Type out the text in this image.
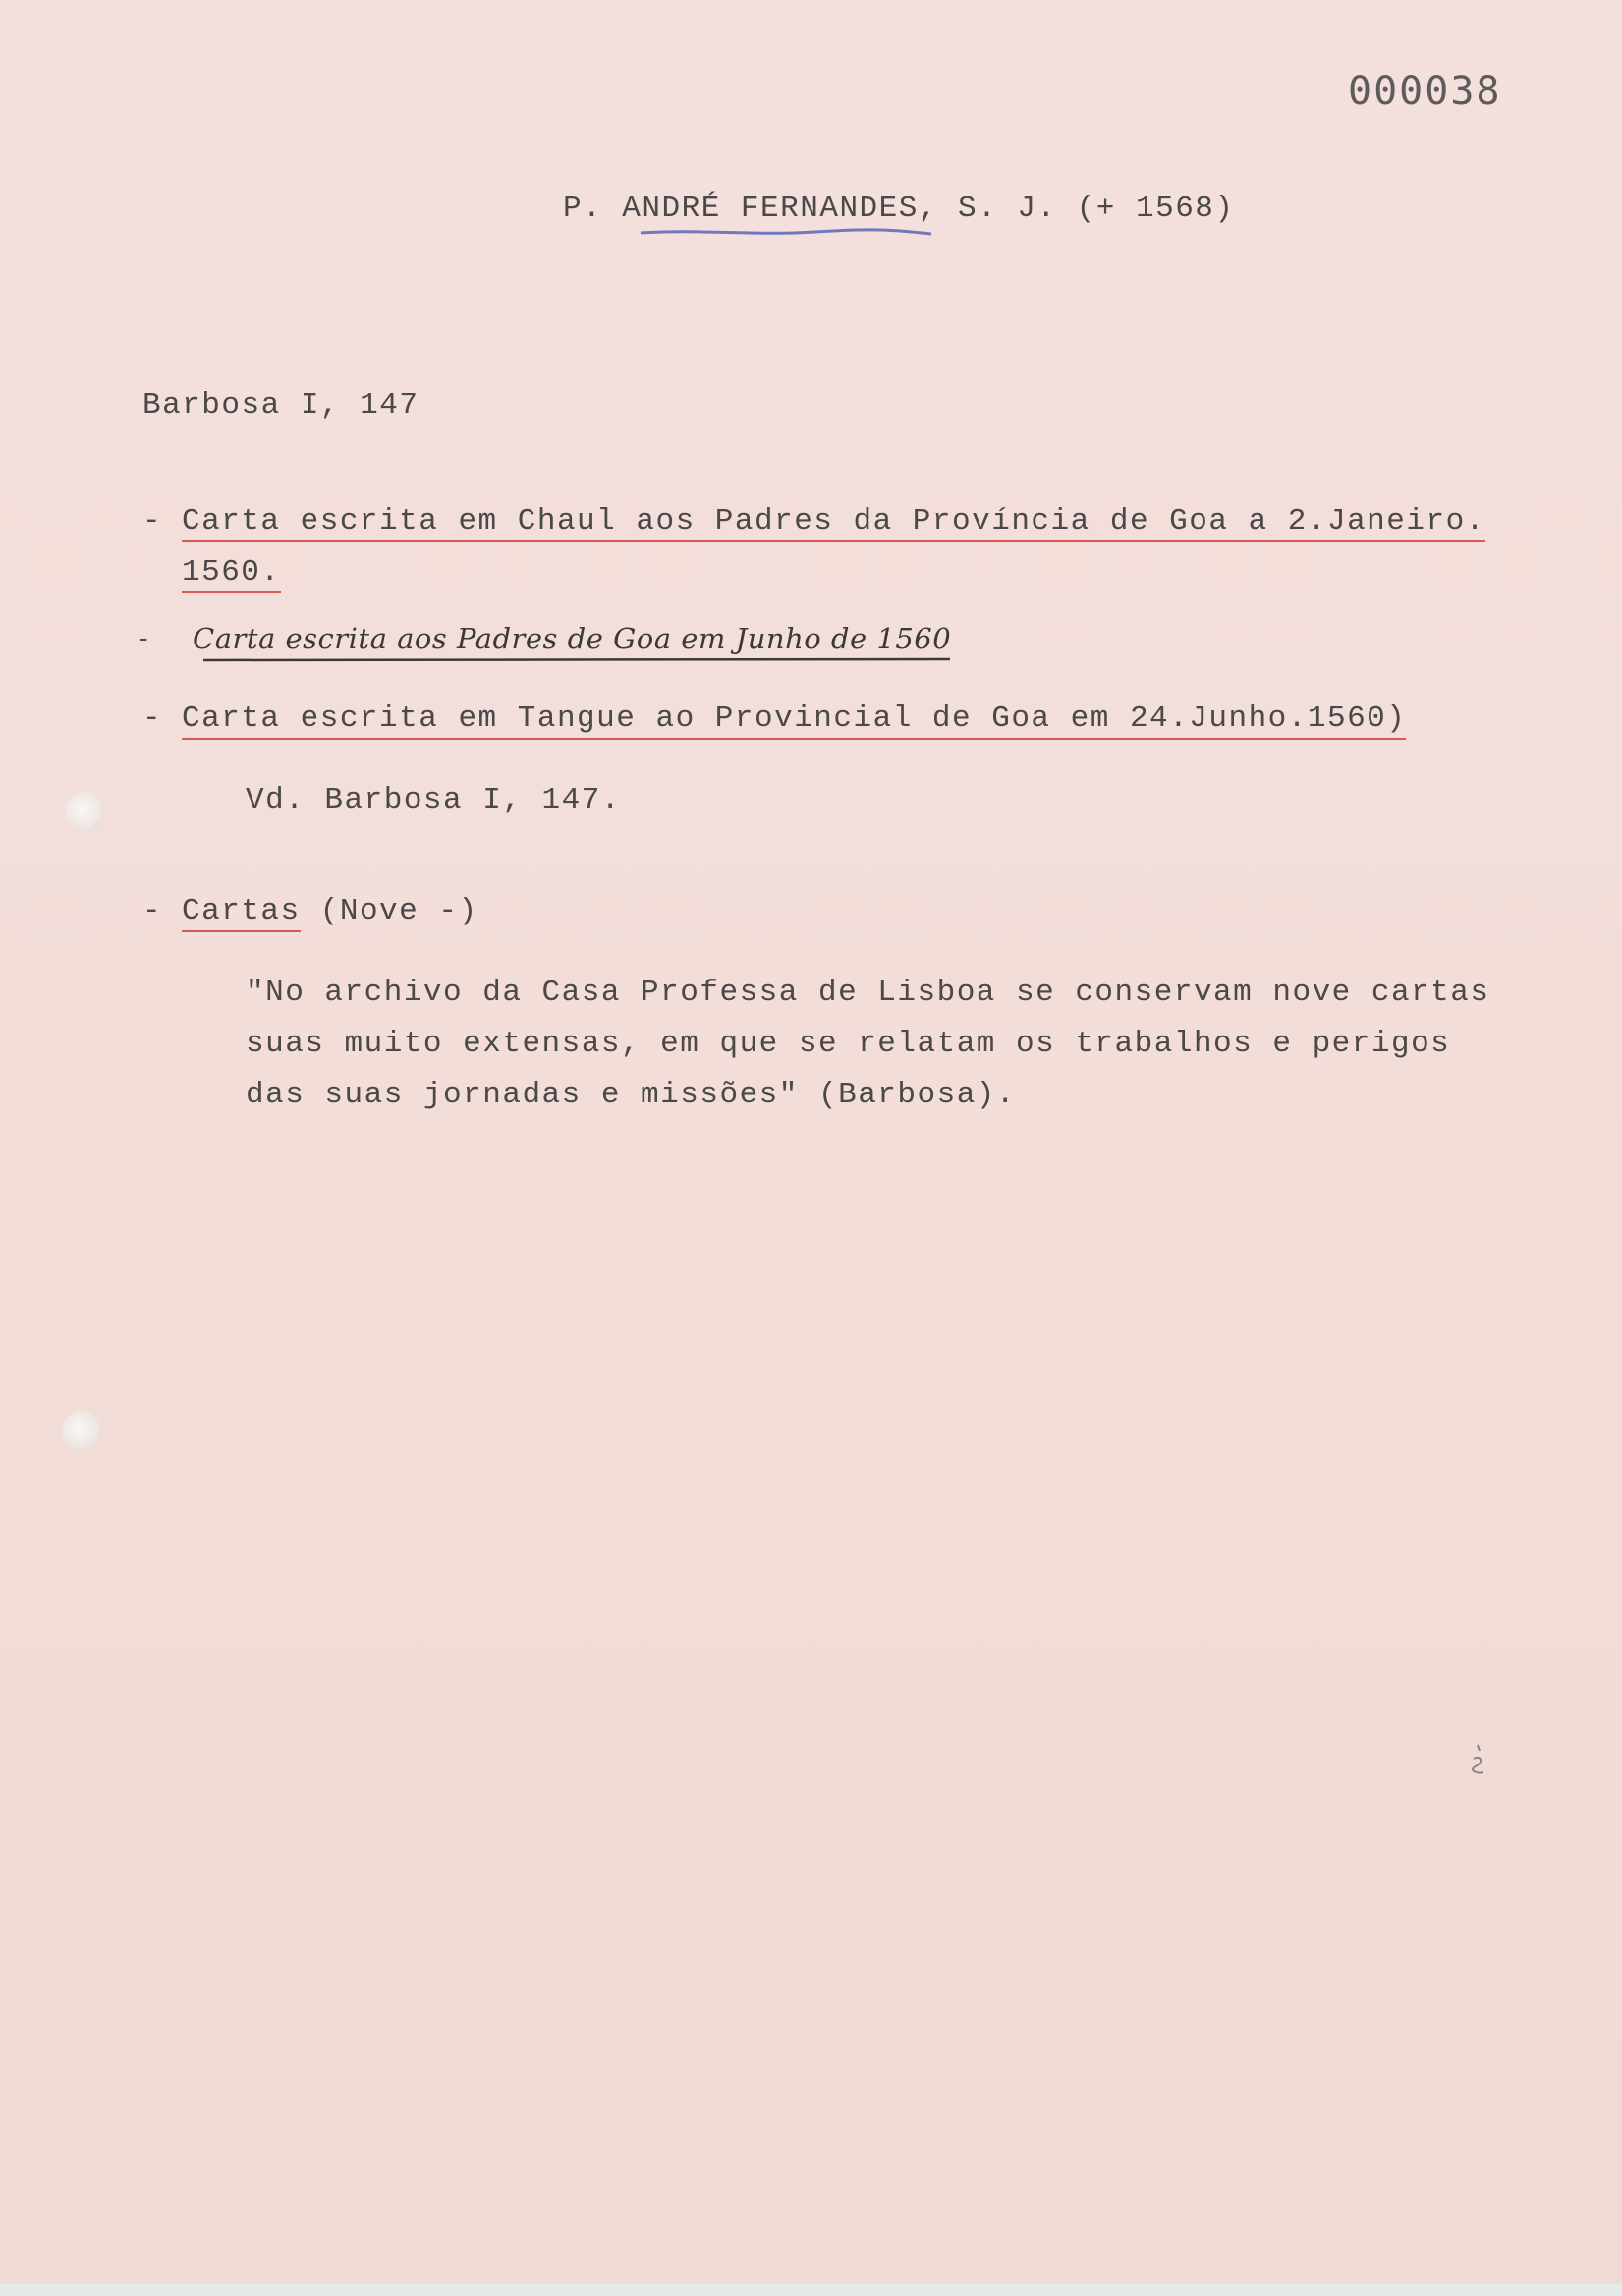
000038
P. ANDRÉ FERNANDES, S. J. (+ 1568)
Barbosa I, 147
- Carta escrita em Chaul aos Padres da Província de Goa a 2.Janeiro.
1560.
- Carta escrita aos Padres de Goa em Junho de 1560
- Carta escrita em Tangue ao Provincial de Goa em 24.Junho.1560)
Vd. Barbosa I, 147.
- Cartas (Nove -)
"No archivo da Casa Professa de Lisboa se conservam nove cartas
suas muito extensas, em que se relatam os trabalhos e perigos
das suas jornadas e missões" (Barbosa).
